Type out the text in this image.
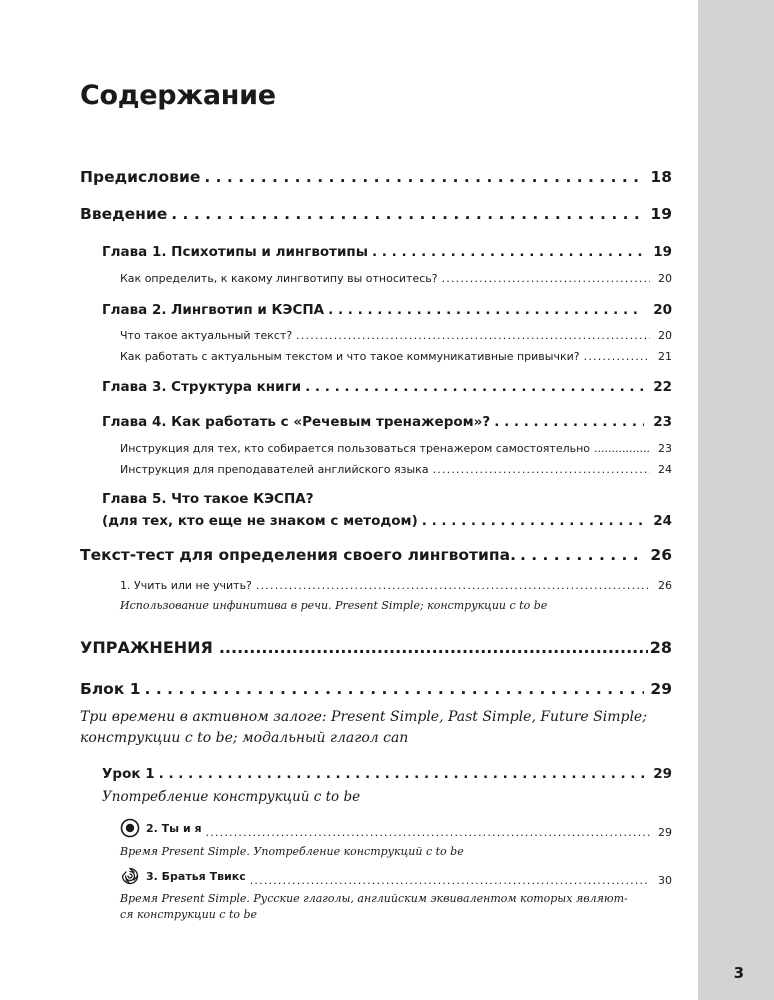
3
Содержание
Предисловие . . .	18
Введение . . .	19
Глава 1. Психотипы и лингвотипы . . .	19
Как определить, к какому лингвотипу вы относитесь? .....	20
Глава 2. Лингвотип и КЭСПА . . .	20
Что такое актуальный текст? .....	20
Как работать с актуальным текстом и что такое коммуникативные привычки? .....	21
Глава 3. Структура книги . . .	22
Глава 4. Как работать с «Речевым тренажером»? . . .	23
Инструкция для тех, кто собирается пользоваться тренажером самостоятельно .....	23
Инструкция для преподавателей английского языка .....	24
Глава 5. Что такое КЭСПА?
(для тех, кто еще не знаком с методом) . . .	24
Текст-тест для определения своего лингвотипа. . . .	26
1. Учить или не учить? .....	26
Использование инфинитива в речи. Present Simple; конструкции с to be
УПРАЖНЕНИЯ .....	28
Блок 1 . . .	29
Три времени в активном залоге: Present Simple, Past Simple, Future Simple;
конструкции с to be; модальный глагол can
Урок 1 . . .	29
Употребление конструкций с to be
2. Ты и я .....	29
Время Present Simple. Употребление конструкций с to be
3. Братья Твикс .....	30
Время Present Simple. Русские глаголы, английским эквивалентом которых являют-
ся конструкции с to be
